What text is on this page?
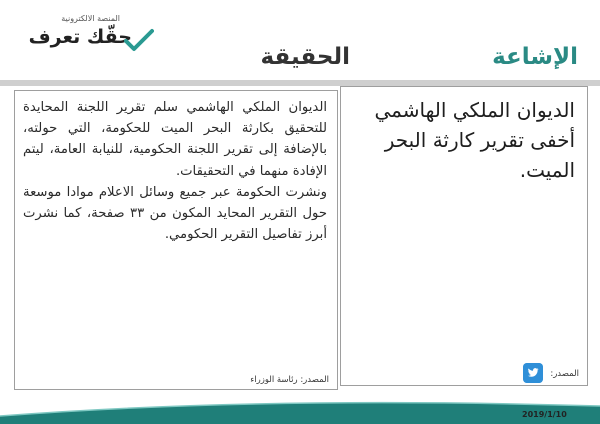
المنصة الالكترونية
حقّك تعرف
الإشاعة
الحقيقة
الديوان الملكي الهاشمي أخفى تقرير كارثة البحر الميت.
المصدر:

الديوان الملكي الهاشمي سلم تقرير اللجنة المحايدة للتحقيق بكارثة البحر الميت للحكومة، التي حولته، بالإضافة إلى تقرير اللجنة الحكومية، للنيابة العامة، ليتم الإفادة منهما في التحقيقات.

ونشرت الحكومة عبر جميع وسائل الاعلام موادا موسعة حول التقرير المحايد المكون من ٣٣ صفحة، كما نشرت أبرز تفاصيل التقرير الحكومي.

المصدر: رئاسة الوزراء
2019/1/10
